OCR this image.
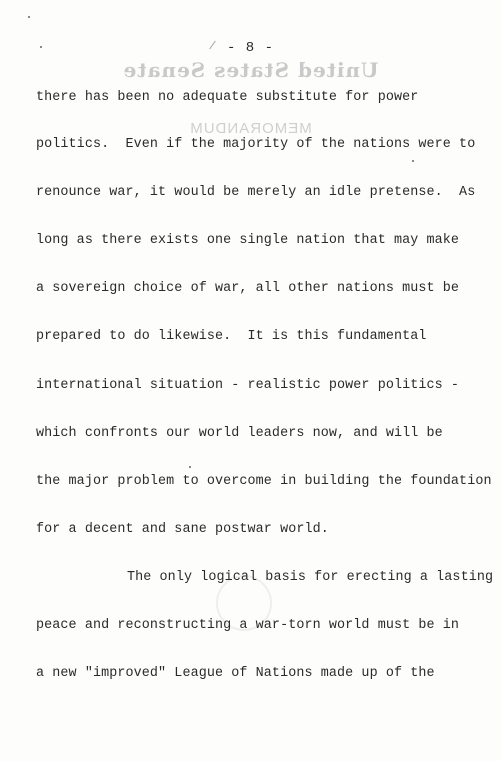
- 8 -
United States Senate
MEMORANDUM
there has been no adequate substitute for power
politics.  Even if the majority of the nations were to
renounce war, it would be merely an idle pretense.  As
long as there exists one single nation that may make
a sovereign choice of war, all other nations must be
prepared to do likewise.  It is this fundamental
international situation - realistic power politics -
which confronts our world leaders now, and will be
the major problem to overcome in building the foundation
for a decent and sane postwar world.
The only logical basis for erecting a lasting
peace and reconstructing a war-torn world must be in
a new "improved" League of Nations made up of the
